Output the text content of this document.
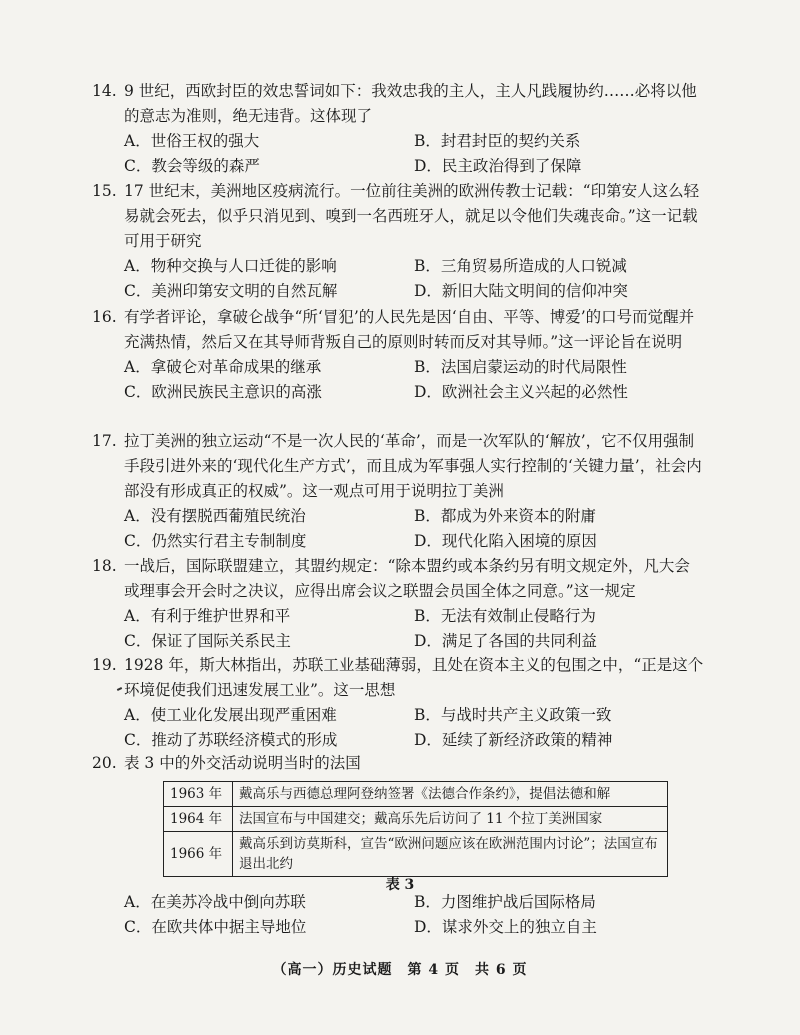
14. 9 世纪，西欧封臣的效忠誓词如下：我效忠我的主人，主人凡践履协约……必将以他的意志为准则，绝无违背。这体现了
A．世俗王权的强大	B．封君封臣的契约关系
C．教会等级的森严	D．民主政治得到了保障
15. 17 世纪末，美洲地区疫病流行。一位前往美洲的欧洲传教士记载：“印第安人这么轻易就会死去，似乎只消见到、嗅到一名西班牙人，就足以令他们失魂丧命。”这一记载可用于研究
A．物种交换与人口迁徙的影响	B．三角贸易所造成的人口锐减
C．美洲印第安文明的自然瓦解	D．新旧大陆文明间的信仰冲突
16. 有学者评论，拿破仑战争“所‘冒犯’的人民先是因‘自由、平等、博爱’的口号而觉醒并充满热情，然后又在其导师背叛自己的原则时转而反对其导师。”这一评论旨在说明
A．拿破仑对革命成果的继承	B．法国启蒙运动的时代局限性
C．欧洲民族民主意识的高涨	D．欧洲社会主义兴起的必然性
17. 拉丁美洲的独立运动“不是一次人民的‘革命’，而是一次军队的‘解放’，它不仅用强制手段引进外来的‘现代化生产方式’，而且成为军事强人实行控制的‘关键力量’，社会内部没有形成真正的权威”。这一观点可用于说明拉丁美洲
A．没有摆脱西葡殖民统治	B．都成为外来资本的附庸
C．仍然实行君主专制制度	D．现代化陷入困境的原因
18. 一战后，国际联盟建立，其盟约规定：“除本盟约或本条约另有明文规定外，凡大会或理事会开会时之决议，应得出席会议之联盟会员国全体之同意。”这一规定
A．有利于维护世界和平	B．无法有效制止侵略行为
C．保证了国际关系民主	D．满足了各国的共同利益
19. 1928 年，斯大林指出，苏联工业基础薄弱，且处在资本主义的包围之中，“正是这个环境促使我们迅速发展工业”。这一思想
A．使工业化发展出现严重困难	B．与战时共产主义政策一致
C．推动了苏联经济模式的形成	D．延续了新经济政策的精神
20. 表 3 中的外交活动说明当时的法国
1963 年	戴高乐与西德总理阿登纳签署《法德合作条约》，提倡法德和解
1964 年	法国宣布与中国建交；戴高乐先后访问了 11 个拉丁美洲国家
1966 年	戴高乐到访莫斯科，宣告“欧洲问题应该在欧洲范围内讨论”；法国宣布退出北约
表 3
A．在美苏冷战中倒向苏联	B．力图维护战后国际格局
C．在欧共体中据主导地位	D．谋求外交上的独立自主
（高一）历史试题　第 4 页　共 6 页
